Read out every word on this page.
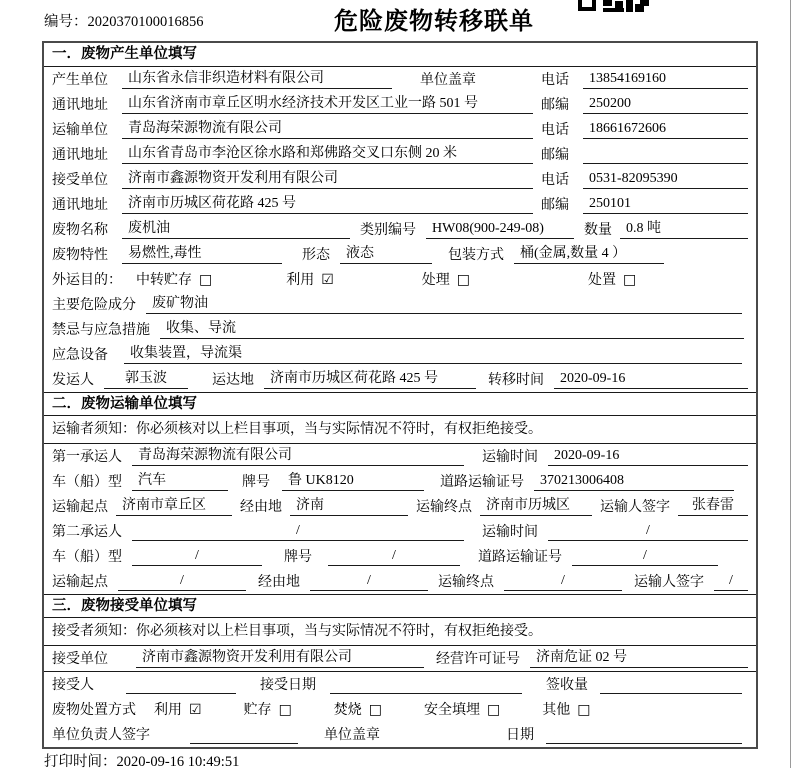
编号：2020370100016856	危险废物转移联单
一．废物产生单位填写
产生单位	山东省永信非织造材料有限公司	单位盖章	电话	13854169160
通讯地址	山东省济南市章丘区明水经济技术开发区工业一路 501 号	邮编	250200
运输单位	青岛海荣源物流有限公司	电话	18661672606
通讯地址	山东省青岛市李沧区徐水路和郑佛路交叉口东侧 20 米	邮编
接受单位	济南市鑫源物资开发利用有限公司	电话	0531-82095390
通讯地址	济南市历城区荷花路 425 号	邮编	250101
废物名称	废机油	类别编号	HW08(900-249-08)	数量	0.8 吨
废物特性	易燃性,毒性	形态	液态	包装方式	桶(金属,数量 4 ）
外运目的： 中转贮存 □	利用 ☑	处理 □	处置 □
主要危险成分	废矿物油
禁忌与应急措施	收集、导流
应急设备	收集装置，导流渠
发运人	郭玉波	运达地	济南市历城区荷花路 425 号	转移时间	2020-09-16
二．废物运输单位填写
运输者须知：你必须核对以上栏目事项，当与实际情况不符时，有权拒绝接受。
第一承运人	青岛海荣源物流有限公司	运输时间	2020-09-16
车（船）型	汽车	牌号	鲁 UK8120	道路运输证号	370213006408
运输起点	济南市章丘区	经由地	济南	运输终点	济南市历城区	运输人签字	张春雷
第二承运人	/	运输时间	/
车（船）型	/	牌号	/	道路运输证号	/
运输起点	/	经由地	/	运输终点	/	运输人签字	/
三．废物接受单位填写
接受者须知：你必须核对以上栏目事项，当与实际情况不符时，有权拒绝接受。
接受单位	济南市鑫源物资开发利用有限公司	经营许可证号	济南危证 02 号
接受人	接受日期	签收量
废物处置方式 利用 ☑	贮存 □	焚烧 □	安全填埋 □	其他 □
单位负责人签字	单位盖章	日期
打印时间：2020-09-16 10:49:51
